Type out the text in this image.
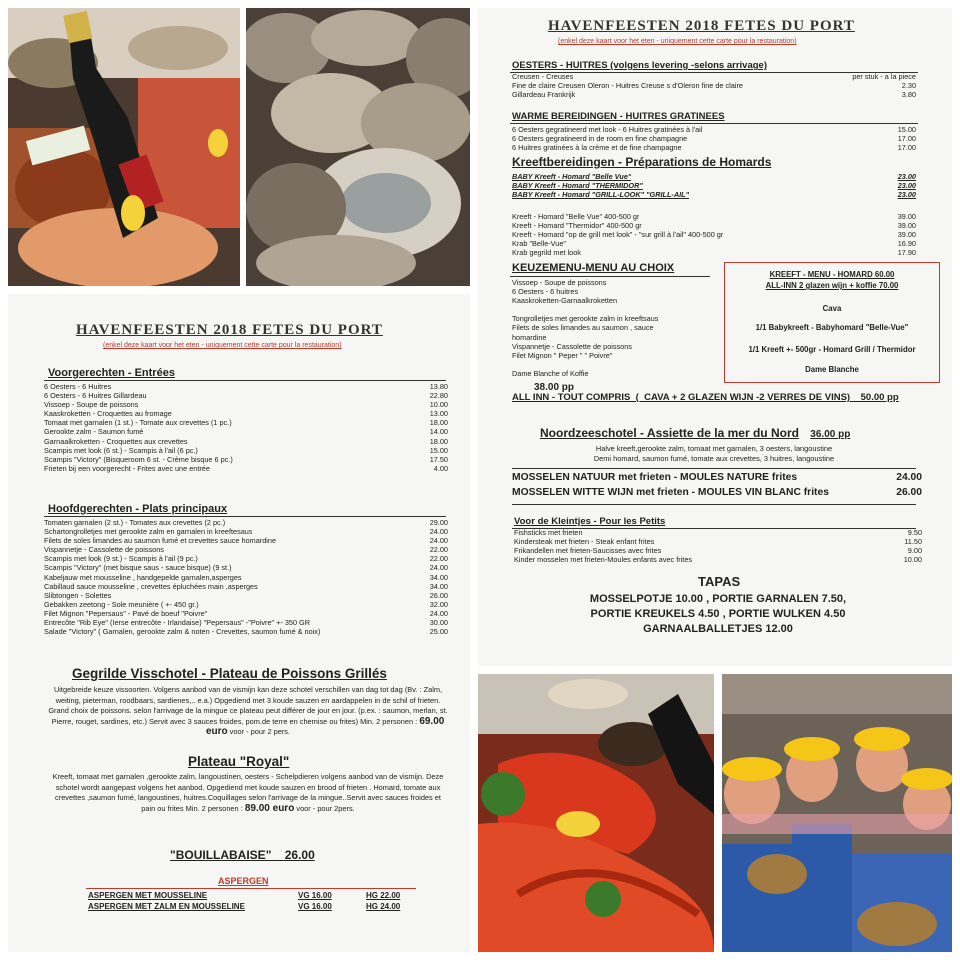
HAVENFEESTEN 2018 FETES DU PORT
(enkel deze kaart voor het eten - uniquement cette carte pour la restauration)
Voorgerechten - Entrées
6 Oesters - 6 Huitres	13.80
6 Oesters - 6 Huitres Gillardeau	22.80
Vissoep - Soupe de poissons	10.00
Kaaskroketten - Croquettes au fromage	13.00
Tomaat met garnalen (1 st.) - Tomate aux crevettes (1 pc.)	18.00
Gerookte zalm - Saumon fumé	14.00
Garnaalkroketten - Croquettes aux crevettes	18.00
Scampis met look (6 st.) - Scampis à l'ail (6 pc.)	15.00
Scampis "Victory" (Bisqueroom 6 st. - Crème bisque 6 pc.)	17.50
Frieten bij een voorgerecht - Frites avec une entrée	4.00
Hoofdgerechten - Plats principaux
Tomaten garnalen (2 st.) - Tomates aux crevettes (2 pc.)	29.00
Schartongrolletjes met gerookte zalm en garnalen in kreeftesaus	24.00
Filets de soles limandes au saumon fumé et crevettes sauce homardine	24.00
Vispannetje - Cassolette de poissons	22.00
Scampis met look (9 st.) - Scampis à l'ail (9 pc.)	22.00
Scampis "Victory" (met bisque saus - sauce bisque) (9 st.)	24.00
Kabeljauw met mousseline , handgepelde garnalen,asperges	34.00
Cabillaud sauce mousseline , crevettes épluchées main ,asperges	34.00
Slibtongen - Solettes	26.00
Gebakken zeetong - Sole meunière ( +- 450 gr.)	32.00
Filet Mignon "Pepersaus" - Pavé de boeuf "Poivre"	24.00
Entrecôte "Rib Eye" (Ierse entrecôte - Irlandaise) "Pepersaus" -"Poivre" +- 350 GR	30.00
Salade "Victory" ( Garnalen, gerookte zalm & noten - Crevettes, saumon fumé & noix)	25.00
Gegrilde Visschotel - Plateau de Poissons Grillés
Uitgebreide keuze vissoorten. Volgens aanbod van de vismijn kan deze schotel verschillen van dag tot dag (Bv. : Zalm, weiting, pieterman, roodbaars, sardienes,.. e.a.) Opgediend met 3 koude sauzen en aardappelen in de schil of frieten. Grand choix de poissons. selon l'arrivage de la mingue ce plateau peut différer de jour en jour. (p.ex. : saumon, merlan, st. Pierre, rouget, sardines, etc.) Servit avec 3 sauces froides, pom.de terre en chemise ou frites) Min. 2 personen : 69.00 euro voor - pour 2 pers.
Plateau "Royal"
Kreeft, tomaat met garnalen ,gerookte zalm, langoustinen, oesters - Schelpdieren volgens aanbod van de vismijn. Deze schotel wordt aangepast volgens het aanbod. Opgediend met koude sauzen en brood of frieten . Homard, tomate aux crevettes ,saumon fumé, langoustines, huitres.Coquillages selon l'arrivage de la mingue..Servit avec sauces froides et pain ou frites Min. 2 personen : 89.00 euro voor - pour 2pers.
"BOUILLABAISE"    26.00
ASPERGEN
ASPERGEN MET MOUSSELINE	VG 16.00	HG 22.00
ASPERGEN MET ZALM EN MOUSSELINE	VG 16.00	HG 24.00
HAVENFEESTEN 2018 FETES DU PORT
(enkel deze kaart voor het eten - uniquement cette carte pour la restauration)
OESTERS - HUITRES (volgens levering -selons arrivage)
Creusen - Creuses	per stuk - a la piece
Fine de claire Creusen Oleron - Huitres Creuse s d'Oleron fine de claire	2.30
Gillardeau Frankrijk	3.80
WARME BEREIDINGEN - HUITRES GRATINEES
6 Oesters gegratineerd met look - 6 Huitres gratinées à l'ail	15.00
6 Oesters gegratineerd in de room en fine champagne	17.00
6 Huitres gratinées à la crème et de fine champagne	17.00
Kreeftbereidingen - Préparations de Homards
BABY Kreeft - Homard "Belle Vue"	23.00
BABY Kreeft - Homard "THERMIDOR"	23.00
BABY Kreeft - Homard "GRILL-LOOK" "GRILL-AIL"	23.00
Kreeft - Homard "Belle Vue" 400-500 gr	39.00
Kreeft - Homard "Thermidor" 400-500 gr	39.00
Kreeft - Homard "op de grill met look" - "sur grill à l'ail" 400-500 gr	39.00
Krab "Belle-Vue"	16.90
Krab gegrild met look	17.90
KEUZEMENU-MENU AU CHOIX
Vissoep - Soupe de poissons
6 Oesters - 6 huitres
Kaaskroketten-Garnaalkroketten

Tongrolletjes met gerookte zalm in kreeftsaus
Filets de soles limandes au saumon , sauce
homardine
Vispannetje - Cassolette de poissons
Filet Mignon " Peper " " Poivre"

Dame Blanche of Koffie
38.00 pp
ALL INN - TOUT COMPRIS  (  CAVA + 2 GLAZEN WIJN -2 VERRES DE VINS)    50.00 pp
KREEFT - MENU - HOMARD 60.00
ALL-INN 2 glazen wijn + koffie 70.00
Cava
1/1 Babykreeft - Babyhomard "Belle-Vue"
1/1 Kreeft +- 500gr - Homard Grill / Thermidor
Dame Blanche
Noordzeeschotel - Assiette de la mer du Nord 36.00 pp
Halve kreeft,gerookte zalm, tomaat met garnalen, 3 oesters, langoustine
Demi homard, saumon fumé, tomate aux crevettes, 3 huitres, langoustine
MOSSELEN NATUUR met frieten - MOULES NATURE frites	24.00
MOSSELEN WITTE WIJN met frieten - MOULES VIN BLANC frites	26.00
Voor de Kleintjes - Pour les Petits
Fishsticks met frieten	9.50
Kindersteak met frieten - Steak enfant frites	11.50
Frikandellen met frieten-Saucisses avec frites	9.00
Kinder mosselen met frieten-Moules enfants avec frites	10.00
TAPAS
MOSSELPOTJE 10.00 , PORTIE GARNALEN 7.50,
PORTIE KREUKELS 4.50 , PORTIE WULKEN 4.50
GARNAALBALLETJES 12.00
